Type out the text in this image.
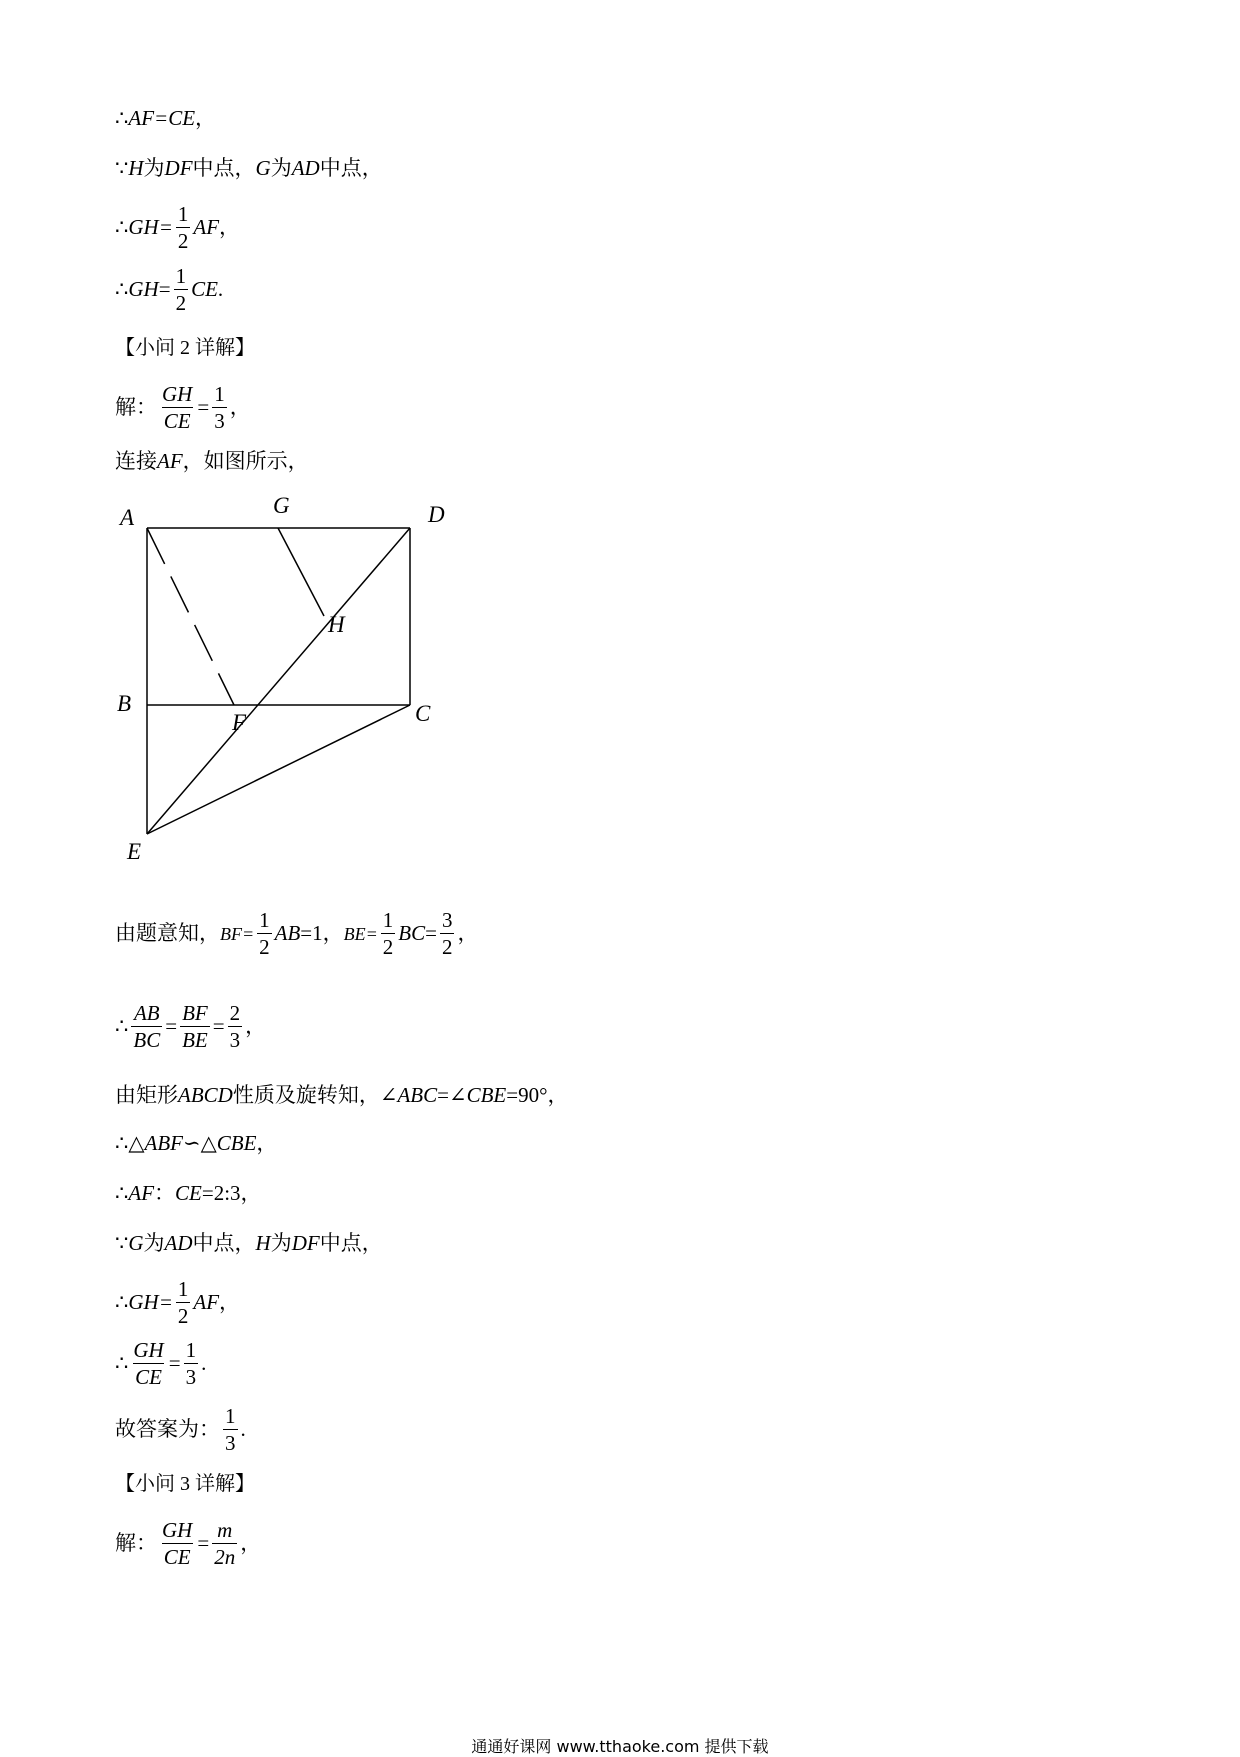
∴ AF=CE ，
∵ H 为 DF 中点， G 为 AD 中点，
∴ $GH= \frac{1}{2}$ AF ，
∴ GH = $\frac{1}{2}$ CE .
【小问 2 详解】
解： $\frac{GH}{CE} = \frac{1}{3}$ ，
连接 AF ，如图所示，
A	G	D
H
B
F	C
E
由题意知， $BF= \frac{1}{2}$ AB =1， $BE= \frac{1}{2}$ BC = $\frac{3}{2}$ ，
∴ $\frac{AB}{BC} = \frac{BF}{BE} = \frac{2}{3}$ ，
由矩形 ABCD 性质及旋转知，∠ ABC =∠ CBE =90°，
∴△ ABF ∽△ CBE ，
∴ AF ： CE =2:3，
∵ G 为 AD 中点， H 为 DF 中点，
∴ $GH= \frac{1}{2}$ AF ，
∴ $\frac{GH}{CE} = \frac{1}{3}$ .
故答案为： $\frac{1}{3}$ .
【小问 3 详解】
解： $\frac{GH}{CE} = \frac{m}{2n}$ ，
通通好课网 www.tthaoke.com 提供下载
